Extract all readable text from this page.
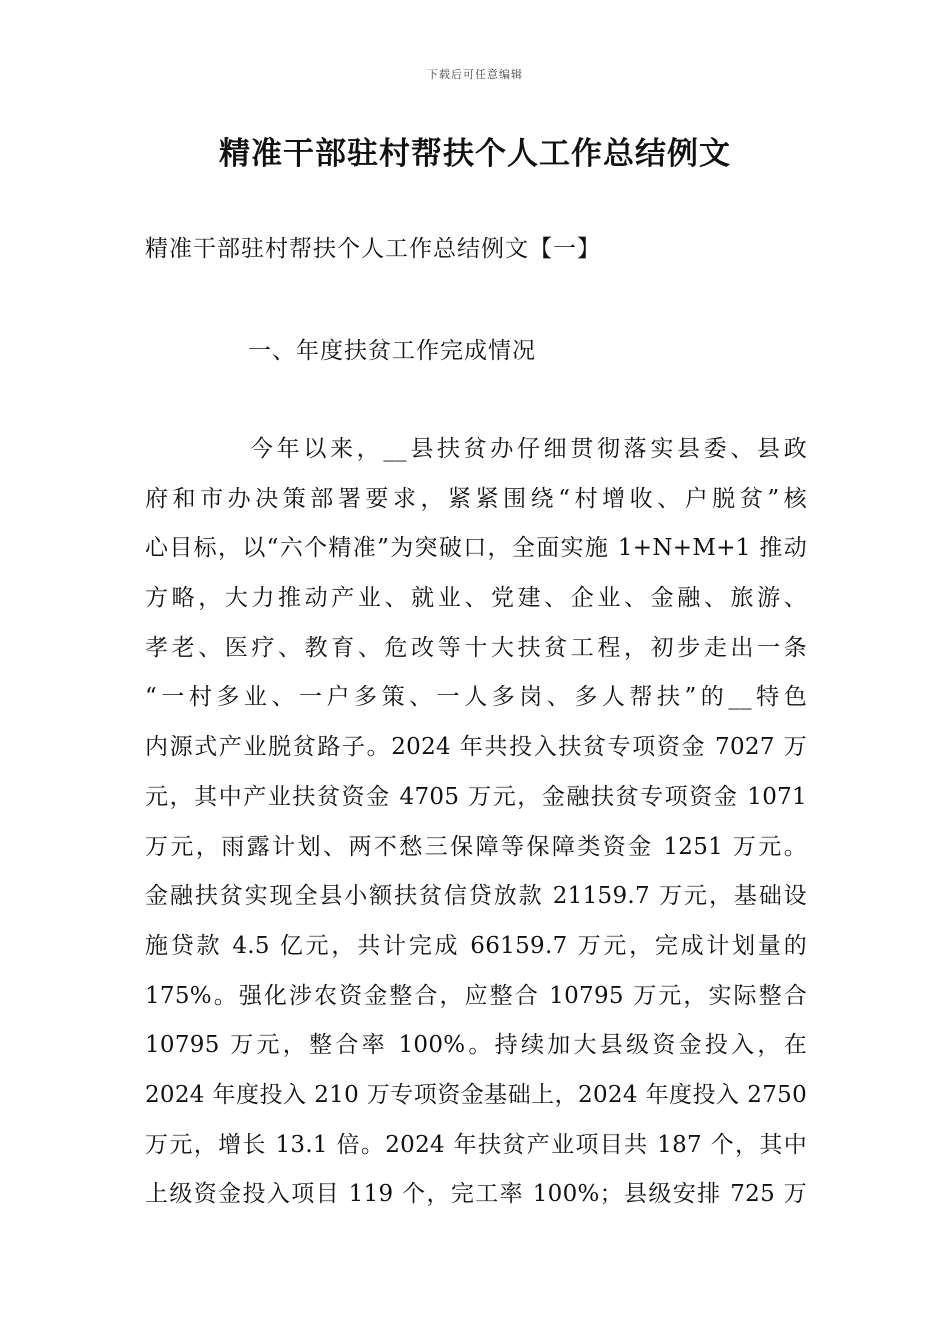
下载后可任意编辑
精准干部驻村帮扶个人工作总结例文
精准干部驻村帮扶个人工作总结例文【一】
一、年度扶贫工作完成情况
今年以来，__县扶贫办仔细贯彻落实县委、县政
府和市办决策部署要求，紧紧围绕“村增收、户脱贫”核
心目标，以“六个精准”为突破口，全面实施 1+N+M+1 推动
方略，大力推动产业、就业、党建、企业、金融、旅游、
孝老、医疗、教育、危改等十大扶贫工程，初步走出一条
“一村多业、一户多策、一人多岗、多人帮扶”的__特色
内源式产业脱贫路子。2024 年共投入扶贫专项资金 7027 万
元，其中产业扶贫资金 4705 万元，金融扶贫专项资金 1071
万元，雨露计划、两不愁三保障等保障类资金 1251 万元。
金融扶贫实现全县小额扶贫信贷放款 21159.7 万元，基础设
施贷款 4.5 亿元，共计完成 66159.7 万元，完成计划量的
175%。强化涉农资金整合，应整合 10795 万元，实际整合
10795 万元，整合率 100%。持续加大县级资金投入，在
2024 年度投入 210 万专项资金基础上，2024 年度投入 2750
万元，增长 13.1 倍。2024 年扶贫产业项目共 187 个，其中
上级资金投入项目 119 个，完工率 100%；县级安排 725 万
